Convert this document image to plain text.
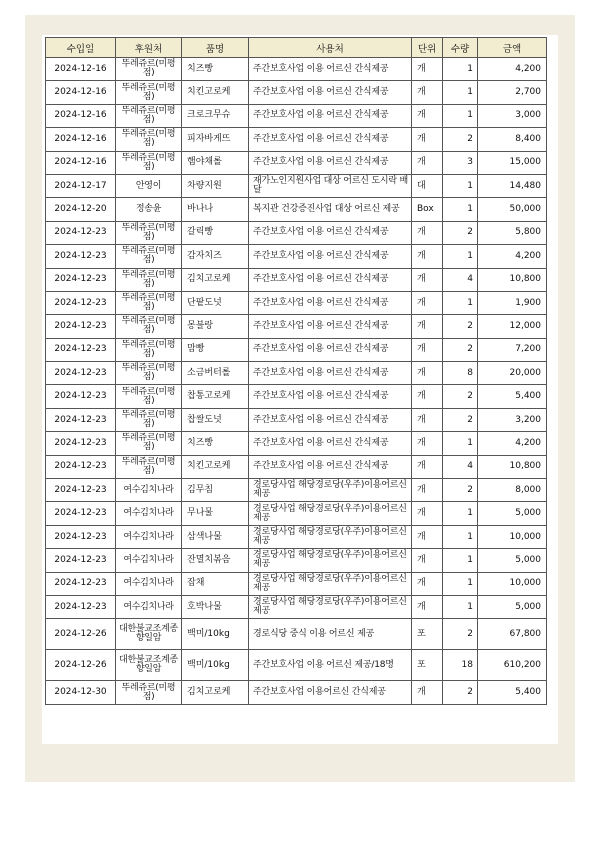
수입일	후원처	품명	사용처	단위	수량	금액
2024-12-16	뚜레쥬르(미평점)	치즈빵	주간보호사업 이용 어르신 간식제공	개	1	4,200
2024-12-16	뚜레쥬르(미평점)	치킨고로케	주간보호사업 이용 어르신 간식제공	개	1	2,700
2024-12-16	뚜레쥬르(미평점)	크로크무슈	주간보호사업 이용 어르신 간식제공	개	1	3,000
2024-12-16	뚜레쥬르(미평점)	피자바게뜨	주간보호사업 이용 어르신 간식제공	개	2	8,400
2024-12-16	뚜레쥬르(미평점)	햄야채롤	주간보호사업 이용 어르신 간식제공	개	3	15,000
2024-12-17	안영이	차량지원	재가노인지원사업 대상 어르신 도시락 배달	대	1	14,480
2024-12-20	정송윤	바나나	복지관 건강증진사업 대상 어르신 제공	Box	1	50,000
2024-12-23	뚜레쥬르(미평점)	갈릭빵	주간보호사업 이용 어르신 간식제공	개	2	5,800
2024-12-23	뚜레쥬르(미평점)	감자치즈	주간보호사업 이용 어르신 간식제공	개	1	4,200
2024-12-23	뚜레쥬르(미평점)	김치고로케	주간보호사업 이용 어르신 간식제공	개	4	10,800
2024-12-23	뚜레쥬르(미평점)	단팥도넛	주간보호사업 이용 어르신 간식제공	개	1	1,900
2024-12-23	뚜레쥬르(미평점)	몽블랑	주간보호사업 이용 어르신 간식제공	개	2	12,000
2024-12-23	뚜레쥬르(미평점)	맘빵	주간보호사업 이용 어르신 간식제공	개	2	7,200
2024-12-23	뚜레쥬르(미평점)	소금버터롤	주간보호사업 이용 어르신 간식제공	개	8	20,000
2024-12-23	뚜레쥬르(미평점)	찹통고로케	주간보호사업 이용 어르신 간식제공	개	2	5,400
2024-12-23	뚜레쥬르(미평점)	찹쌀도넛	주간보호사업 이용 어르신 간식제공	개	2	3,200
2024-12-23	뚜레쥬르(미평점)	치즈빵	주간보호사업 이용 어르신 간식제공	개	1	4,200
2024-12-23	뚜레쥬르(미평점)	치킨고로케	주간보호사업 이용 어르신 간식제공	개	4	10,800
2024-12-23	여수김치나라	김무침	경로당사업 해당경로당(우주)이용어르신 제공	개	2	8,000
2024-12-23	여수김치나라	무나물	경로당사업 해당경로당(우주)이용어르신 제공	개	1	5,000
2024-12-23	여수김치나라	삼색나물	경로당사업 해당경로당(우주)이용어르신 제공	개	1	10,000
2024-12-23	여수김치나라	잔멸치볶음	경로당사업 해당경로당(우주)이용어르신 제공	개	1	5,000
2024-12-23	여수김치나라	잡채	경로당사업 해당경로당(우주)이용어르신 제공	개	1	10,000
2024-12-23	여수김치나라	호박나물	경로당사업 해당경로당(우주)이용어르신 제공	개	1	5,000
2024-12-26	대한불교조계종 향일암	백미/10kg	경로식당 중식 이용 어르신 제공	포	2	67,800
2024-12-26	대한불교조계종 향일암	백미/10kg	주간보호사업 이용 어르신 제공/18명	포	18	610,200
2024-12-30	뚜레쥬르(미평점)	김치고로케	주간보호사업 이용어르신 간식제공	개	2	5,400
